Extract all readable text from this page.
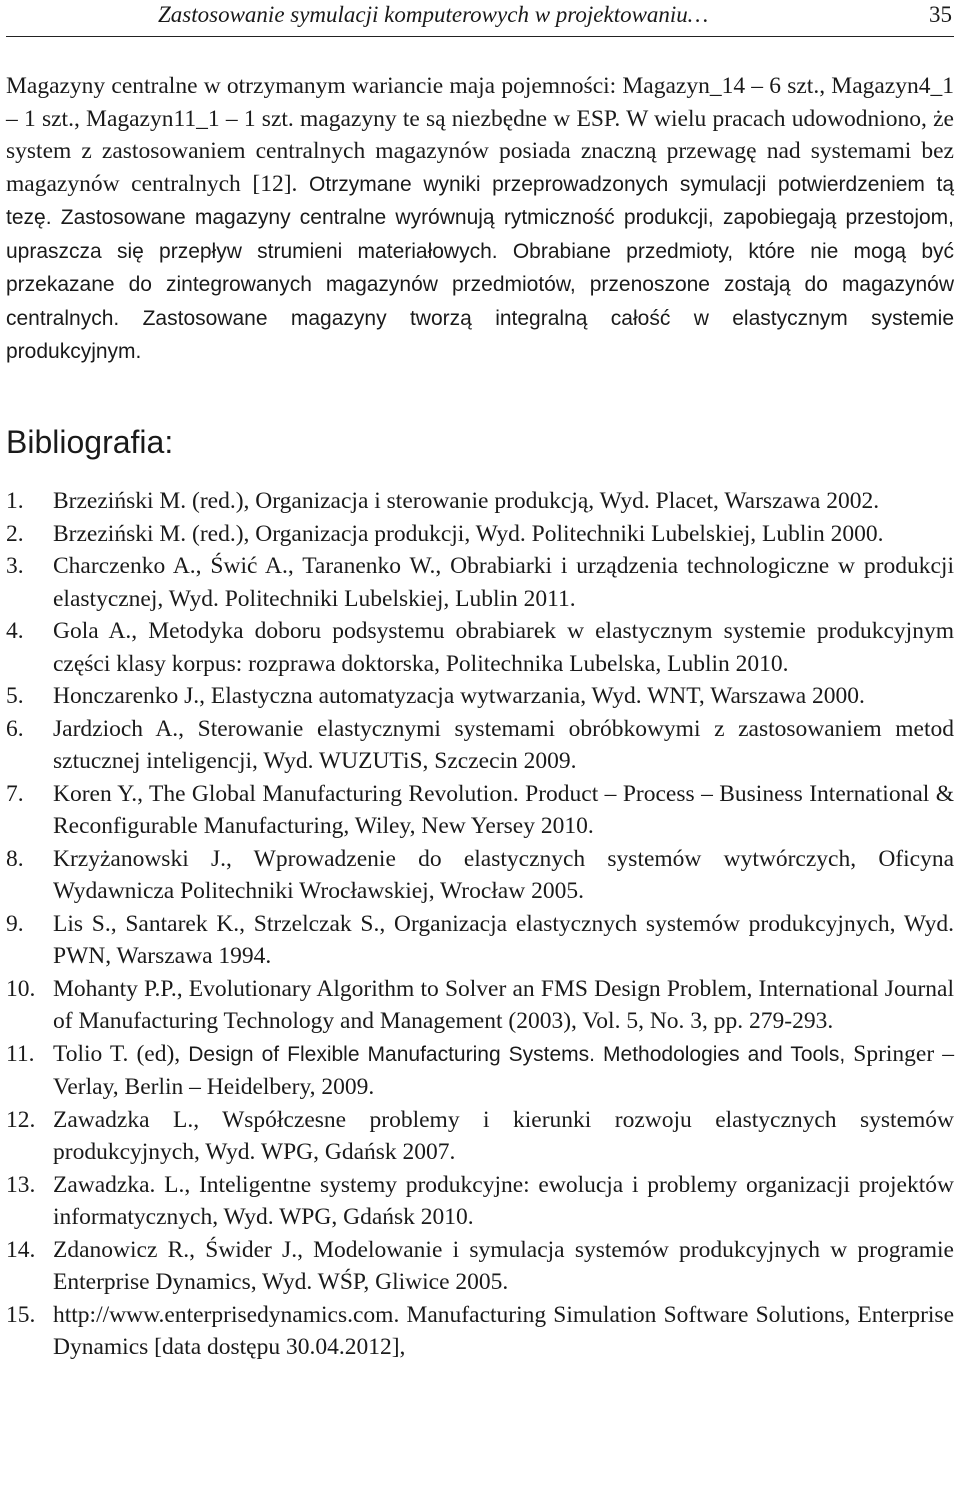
Zastosowanie symulacji komputerowych w projektowaniu…	35

Magazyny centralne w otrzymanym wariancie maja pojemności: Magazyn_14 – 6 szt., Magazyn4_1 – 1 szt., Magazyn11_1 – 1 szt. magazyny te są niezbędne w ESP. W wielu pracach udowodniono, że system z zastosowaniem centralnych magazynów posiada znaczną przewagę nad systemami bez magazynów centralnych [12]. Otrzymane wyniki przeprowadzonych symulacji potwierdzeniem tą tezę. Zastosowane magazyny centralne wyrównują rytmiczność produkcji, zapobiegają przestojom, upraszcza się przepływ strumieni materiałowych. Obrabiane przedmioty, które nie mogą być przekazane do zintegrowanych magazynów przedmiotów, przenoszone zostają do magazynów centralnych. Zastosowane magazyny tworzą integralną całość w elastycznym systemie produkcyjnym.

Bibliografia:
1. Brzeziński M. (red.), Organizacja i sterowanie produkcją, Wyd. Placet, Warszawa 2002.
2. Brzeziński M. (red.), Organizacja produkcji, Wyd. Politechniki Lubelskiej, Lublin 2000.
3. Charczenko A., Świć A., Taranenko W., Obrabiarki i urządzenia technologiczne w produkcji elastycznej, Wyd. Politechniki Lubelskiej, Lublin 2011.
4. Gola A., Metodyka doboru podsystemu obrabiarek w elastycznym systemie produkcyjnym części klasy korpus: rozprawa doktorska, Politechnika Lubelska, Lublin 2010.
5. Honczarenko J., Elastyczna automatyzacja wytwarzania, Wyd. WNT, Warszawa 2000.
6. Jardzioch A., Sterowanie elastycznymi systemami obróbkowymi z zastosowaniem metod sztucznej inteligencji, Wyd. WUZUTiS, Szczecin 2009.
7. Koren Y., The Global Manufacturing Revolution. Product – Process – Business International & Reconfigurable Manufacturing, Wiley, New Yersey 2010.
8. Krzyżanowski J., Wprowadzenie do elastycznych systemów wytwórczych, Oficyna Wydawnicza Politechniki Wrocławskiej, Wrocław 2005.
9. Lis S., Santarek K., Strzelczak S., Organizacja elastycznych systemów produkcyjnych, Wyd. PWN, Warszawa 1994.
10. Mohanty P.P., Evolutionary Algorithm to Solver an FMS Design Problem, International Journal of Manufacturing Technology and Management (2003), Vol. 5, No. 3, pp. 279-293.
11. Tolio T. (ed), Design of Flexible Manufacturing Systems. Methodologies and Tools, Springer – Verlay, Berlin – Heidelbery, 2009.
12. Zawadzka L., Współczesne problemy i kierunki rozwoju elastycznych systemów produkcyjnych, Wyd. WPG, Gdańsk 2007.
13. Zawadzka. L., Inteligentne systemy produkcyjne: ewolucja i problemy organizacji projektów informatycznych, Wyd. WPG, Gdańsk 2010.
14. Zdanowicz R., Świder J., Modelowanie i symulacja systemów produkcyjnych w programie Enterprise Dynamics, Wyd. WŚP, Gliwice 2005.
15. http://www.enterprisedynamics.com. Manufacturing Simulation Software Solutions, Enterprise Dynamics [data dostępu 30.04.2012],
